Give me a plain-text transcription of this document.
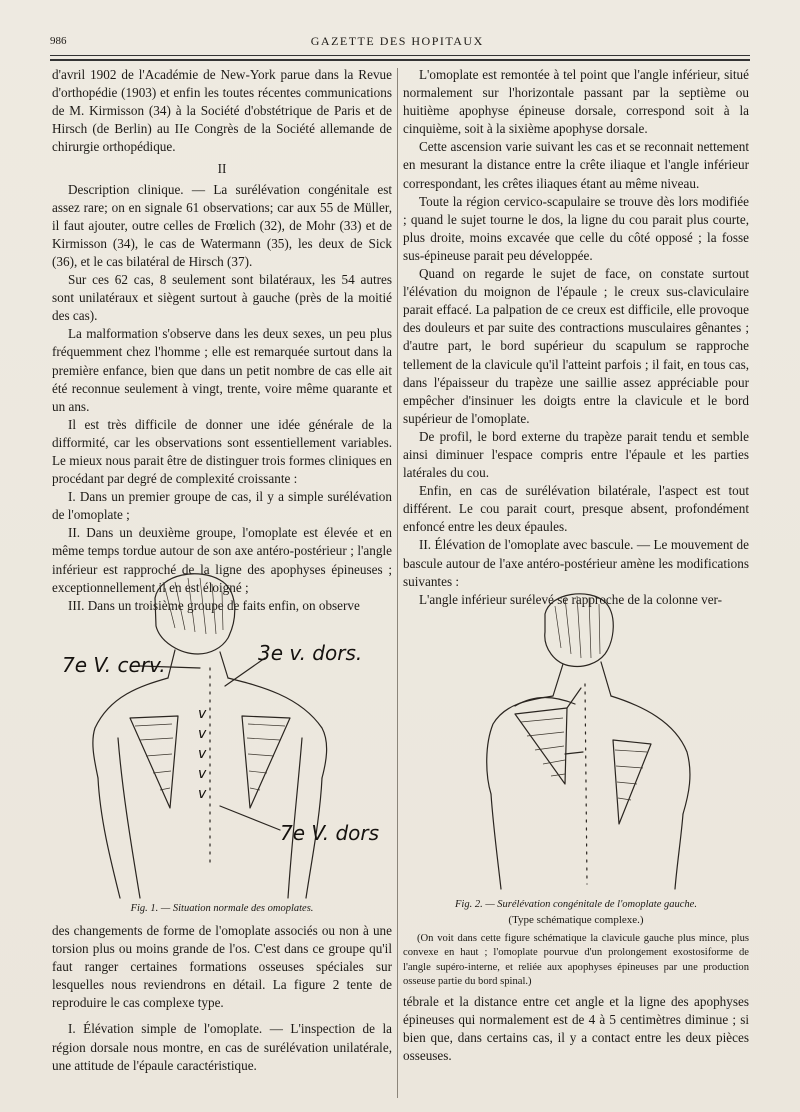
986	GAZETTE DES HOPITAUX

d'avril 1902 de l'Académie de New-York parue dans la Revue d'orthopédie (1903) et enfin les toutes récentes communications de M. Kirmisson (34) à la Société d'obstétrique de Paris et de Hirsch (de Berlin) au IIe Congrès de la Société allemande de chirurgie orthopédique.

II

Description clinique. — La surélévation congénitale est assez rare; on en signale 61 observations; car aux 55 de Müller, il faut ajouter, outre celles de Frœlich (32), de Mohr (33) et de Kirmisson (34), le cas de Watermann (35), les deux de Sick (36), et le cas bilatéral de Hirsch (37).

Sur ces 62 cas, 8 seulement sont bilatéraux, les 54 autres sont unilatéraux et siègent surtout à gauche (près de la moitié des cas).

La malformation s'observe dans les deux sexes, un peu plus fréquemment chez l'homme ; elle est remarquée surtout dans la première enfance, bien que dans un petit nombre de cas elle ait été reconnue seulement à vingt, trente, voire même quarante et un ans.

Il est très difficile de donner une idée générale de la difformité, car les observations sont essentiellement variables. Le mieux nous parait être de distinguer trois formes cliniques en procédant par degré de complexité croissante :

I. Dans un premier groupe de cas, il y a simple surélévation de l'omoplate ;

II. Dans un deuxième groupe, l'omoplate est élevée et en même temps tordue autour de son axe antéro-postérieur ; l'angle inférieur est rapproché de la ligne des apophyses épineuses ; exceptionnellement il en est éloigné ;

III. Dans un troisième groupe de faits enfin, on observe

v
v
v
v
v
7e V. cerv.	3e v. dors.
7e V. dors
Fig. 1. — Situation normale des omoplates.

des changements de forme de l'omoplate associés ou non à une torsion plus ou moins grande de l'os. C'est dans ce groupe qu'il faut ranger certaines formations osseuses spéciales sur lesquelles nous reviendrons en détail. La figure 2 tente de reproduire le cas complexe type.

I. Élévation simple de l'omoplate. — L'inspection de la région dorsale nous montre, en cas de surélévation unilatérale, une attitude de l'épaule caractéristique.

L'omoplate est remontée à tel point que l'angle inférieur, situé normalement sur l'horizontale passant par la septième ou huitième apophyse épineuse dorsale, correspond soit à la cinquième, soit à la sixième apophyse dorsale.

Cette ascension varie suivant les cas et se reconnait nettement en mesurant la distance entre la crête iliaque et l'angle inférieur correspondant, les crêtes iliaques étant au même niveau.

Toute la région cervico-scapulaire se trouve dès lors modifiée ; quand le sujet tourne le dos, la ligne du cou parait plus courte, plus droite, moins excavée que celle du côté opposé ; la fosse sus-épineuse parait peu développée.

Quand on regarde le sujet de face, on constate surtout l'élévation du moignon de l'épaule ; le creux sus-claviculaire parait effacé. La palpation de ce creux est difficile, elle provoque des douleurs et par suite des contractions musculaires gênantes ; d'autre part, le bord supérieur du scapulum se rapproche tellement de la clavicule qu'il l'atteint parfois ; il fait, en tous cas, dans l'épaisseur du trapèze une saillie assez appréciable pour empêcher d'insinuer les doigts entre la clavicule et le bord supérieur de l'omoplate.

De profil, le bord externe du trapèze parait tendu et semble ainsi diminuer l'espace compris entre l'épaule et les parties latérales du cou.

Enfin, en cas de surélévation bilatérale, l'aspect est tout différent. Le cou parait court, presque absent, profondément enfoncé entre les deux épaules.

II. Élévation de l'omoplate avec bascule. — Le mouvement de bascule autour de l'axe antéro-postérieur amène les modifications suivantes :

L'angle inférieur surélevé se rapproche de la colonne ver-

Fig. 2. — Surélévation congénitale de l'omoplate gauche.
(Type schématique complexe.)

(On voit dans cette figure schématique la clavicule gauche plus mince, plus convexe en haut ; l'omoplate pourvue d'un prolongement exostosiforme de l'angle supéro-interne, et reliée aux apophyses épineuses par une production osseuse partie du bord spinal.)

tébrale et la distance entre cet angle et la ligne des apophyses épineuses qui normalement est de 4 à 5 centimètres diminue ; si bien que, dans certains cas, il y a contact entre les deux pièces osseuses.
